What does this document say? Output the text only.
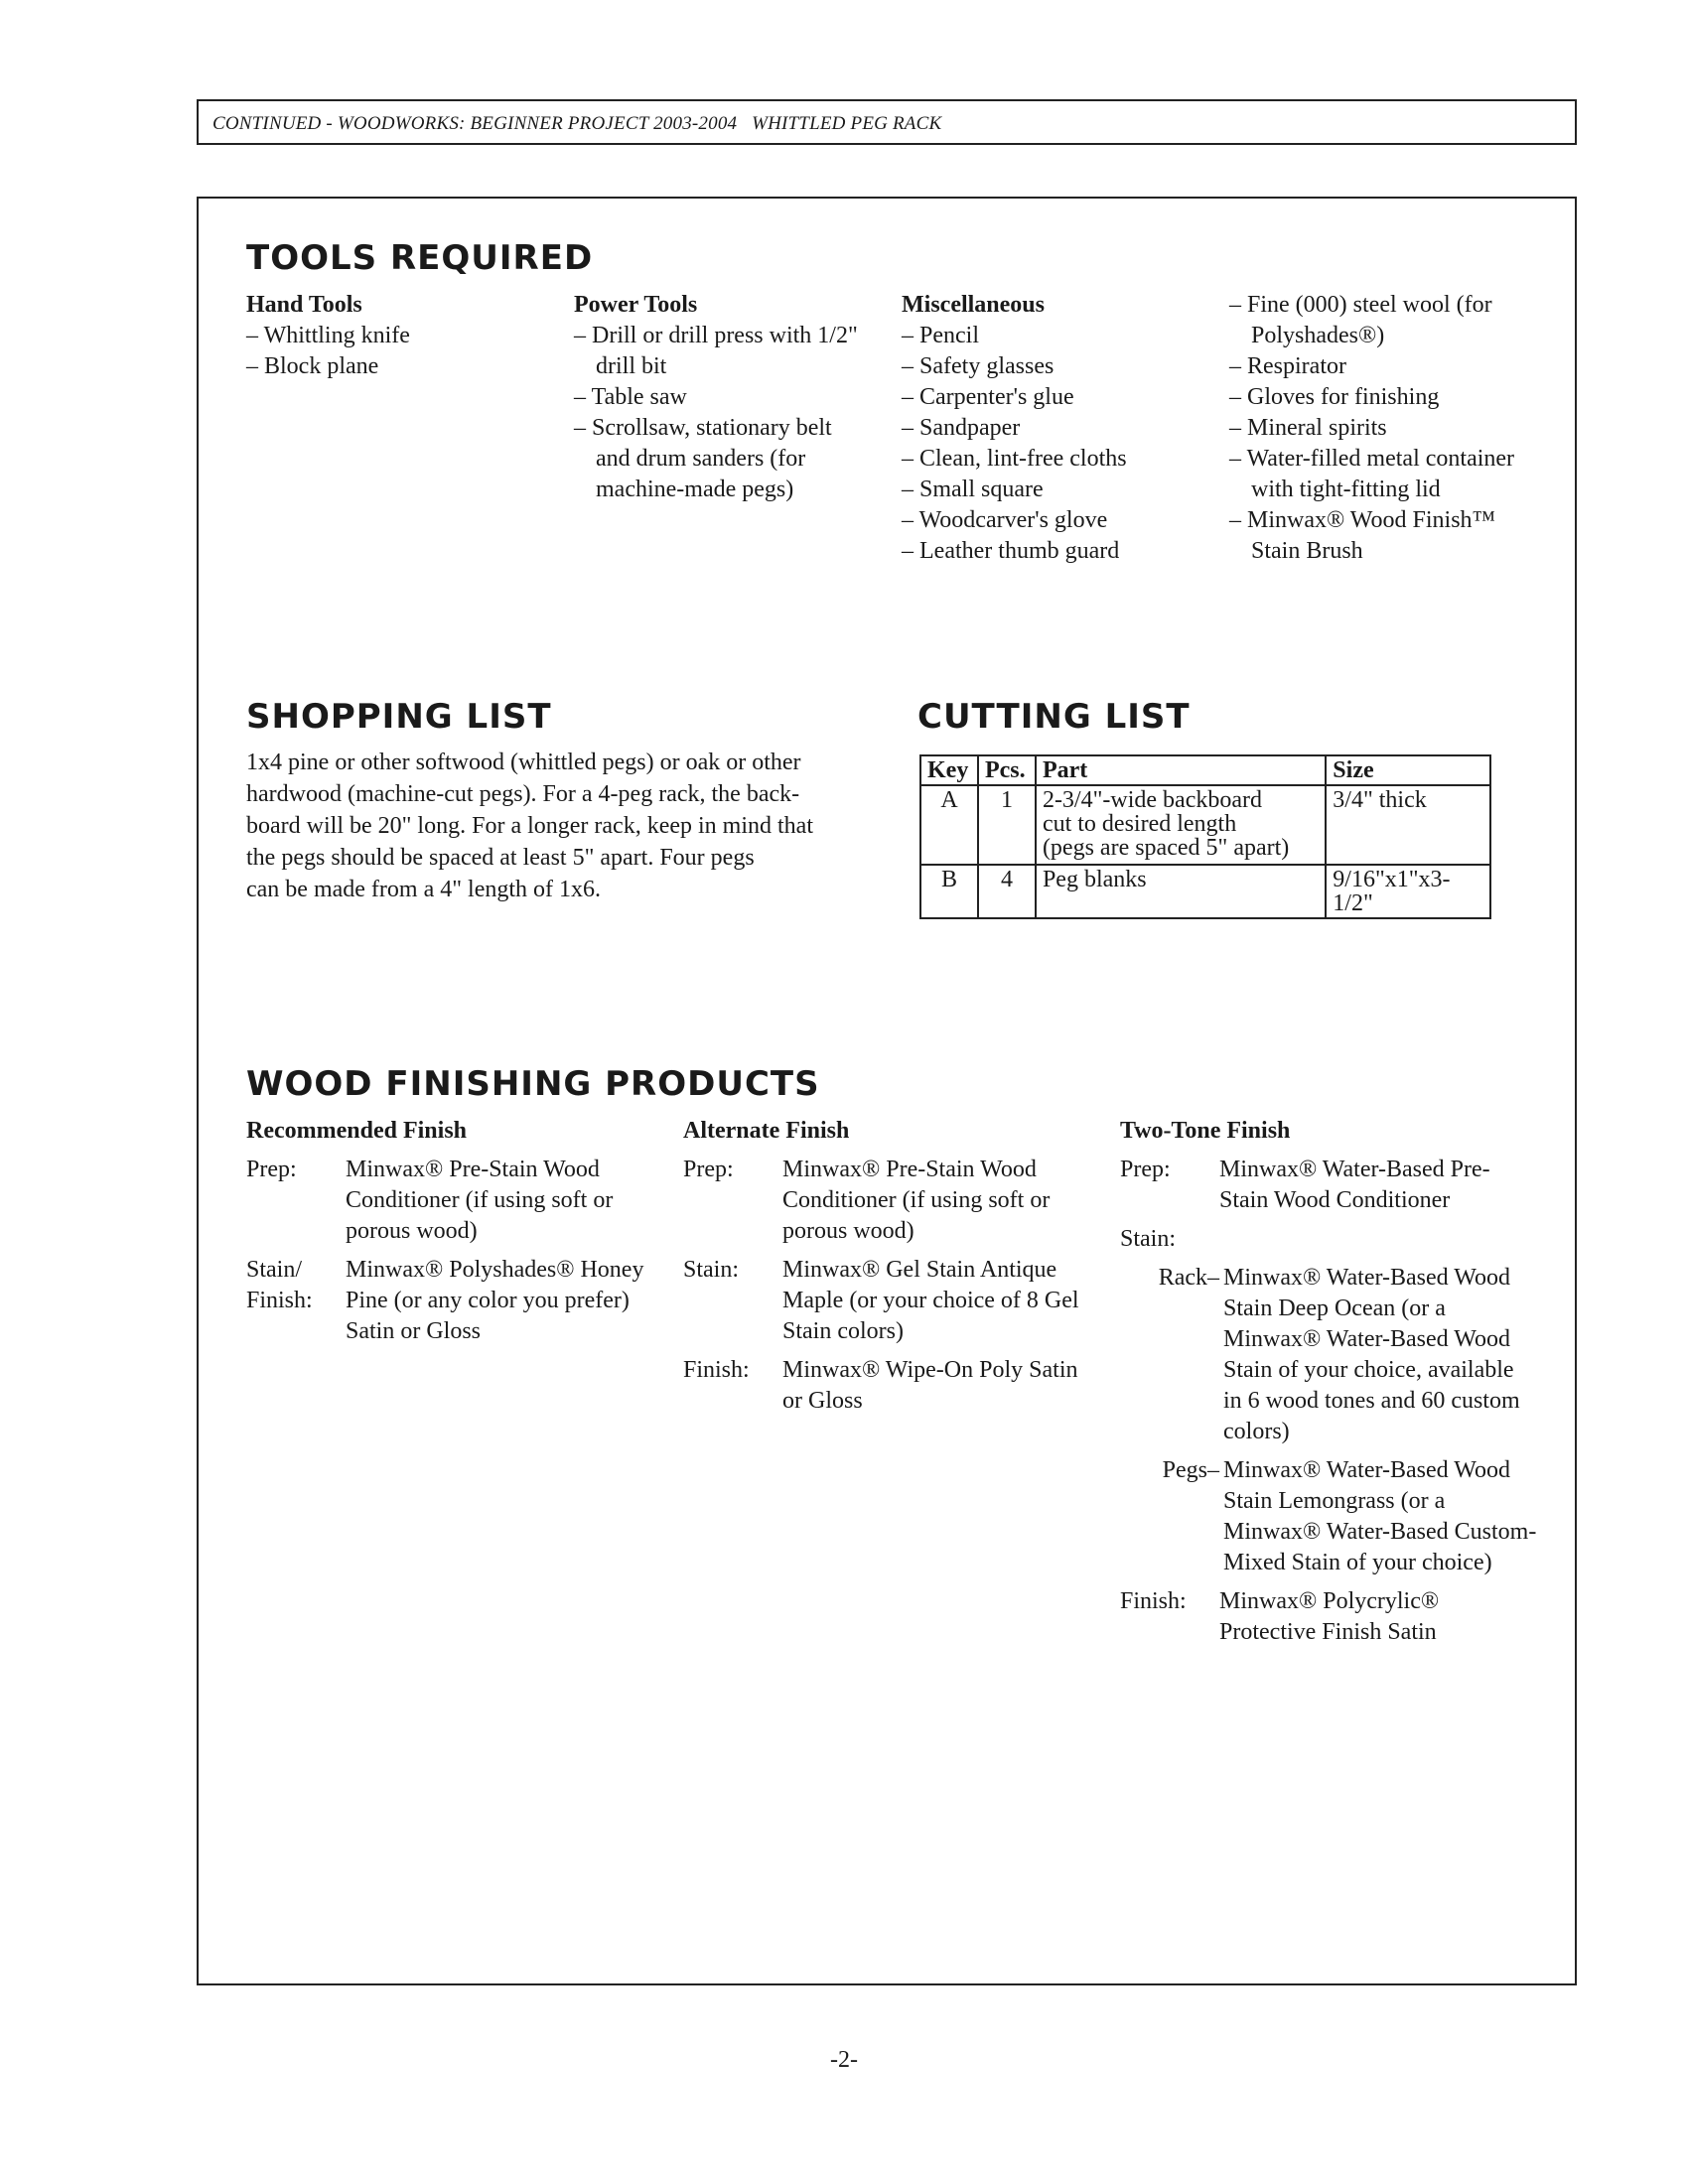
CONTINUED - WOODWORKS: BEGINNER PROJECT 2003-2004   WHITTLED PEG RACK
TOOLS REQUIRED
Hand Tools
– Whittling knife
– Block plane
Power Tools
– Drill or drill press with 1/2" drill bit
– Table saw
– Scrollsaw, stationary belt and drum sanders (for machine-made pegs)
Miscellaneous
– Pencil
– Safety glasses
– Carpenter's glue
– Sandpaper
– Clean, lint-free cloths
– Small square
– Woodcarver's glove
– Leather thumb guard
– Fine (000) steel wool (for Polyshades®)
– Respirator
– Gloves for finishing
– Mineral spirits
– Water-filled metal container with tight-fitting lid
– Minwax® Wood Finish™ Stain Brush
SHOPPING LIST
1x4 pine or other softwood (whittled pegs) or oak or other
hardwood (machine-cut pegs). For a 4-peg rack, the back-
board will be 20" long. For a longer rack, keep in mind that
the pegs should be spaced at least 5" apart. Four pegs
can be made from a 4" length of 1x6.
CUTTING LIST
Key	Pcs.	Part	Size
A	1	2-3/4"-wide backboard
cut to desired length
(pegs are spaced 5" apart)	3/4" thick
B	4	Peg blanks	9/16"x1"x3-1/2"
WOOD FINISHING PRODUCTS
Recommended Finish
Prep:	Minwax® Pre-Stain Wood Conditioner (if using soft or porous wood)
Stain/
Finish:
Minwax® Polyshades® Honey Pine (or any color you prefer) Satin or Gloss
Alternate Finish
Prep:	Minwax® Pre-Stain Wood Conditioner (if using soft or porous wood)
Stain:	Minwax® Gel Stain Antique Maple (or your choice of 8 Gel Stain colors)
Finish:	Minwax® Wipe-On Poly Satin or Gloss
Two-Tone Finish
Prep:	Minwax® Water-Based Pre-Stain Wood Conditioner
Stain:
Rack– Minwax® Water-Based Wood Stain Deep Ocean (or a Minwax® Water-Based Wood Stain of your choice, available in 6 wood tones and 60 custom colors)
Pegs– Minwax® Water-Based Wood Stain Lemongrass (or a Minwax® Water-Based Custom-Mixed Stain of your choice)
Finish:	Minwax® Polycrylic® Protective Finish Satin
-2-
